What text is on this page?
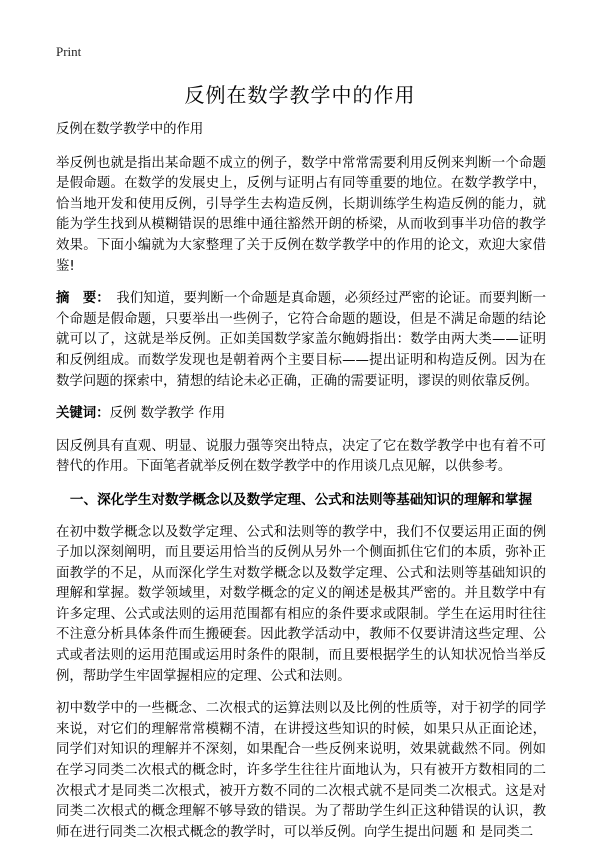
Print
反例在数学教学中的作用

反例在数学教学中的作用

举反例也就是指出某命题不成立的例子，数学中常常需要利用反例来判断一个命题是假命题。在数学的发展史上，反例与证明占有同等重要的地位。在数学教学中，恰当地开发和使用反例，引导学生去构造反例，长期训练学生构造反例的能力，就能为学生找到从模糊错误的思维中通往豁然开朗的桥梁，从而收到事半功倍的教学效果。下面小编就为大家整理了关于反例在数学教学中的作用的论文，欢迎大家借鉴!

摘　要：　我们知道，要判断一个命题是真命题，必须经过严密的论证。而要判断一个命题是假命题，只要举出一些例子，它符合命题的题设，但是不满足命题的结论就可以了，这就是举反例。正如美国数学家盖尔鲍姆指出：数学由两大类——证明和反例组成。而数学发现也是朝着两个主要目标——提出证明和构造反例。因为在数学问题的探索中，猜想的结论未必正确，正确的需要证明，谬误的则依靠反例。

关键词：反例 数学教学 作用

因反例具有直观、明显、说服力强等突出特点，决定了它在数学教学中也有着不可替代的作用。下面笔者就举反例在数学教学中的作用谈几点见解，以供参考。

一、深化学生对数学概念以及数学定理、公式和法则等基础知识的理解和掌握

在初中数学概念以及数学定理、公式和法则等的教学中，我们不仅要运用正面的例子加以深刻阐明，而且要运用恰当的反例从另外一个侧面抓住它们的本质，弥补正面教学的不足，从而深化学生对数学概念以及数学定理、公式和法则等基础知识的理解和掌握。数学领域里，对数学概念的定义的阐述是极其严密的。并且数学中有许多定理、公式或法则的运用范围都有相应的条件要求或限制。学生在运用时往往不注意分析具体条件而生搬硬套。因此教学活动中，教师不仅要讲清这些定理、公式或者法则的运用范围或运用时条件的限制，而且要根据学生的认知状况恰当举反例，帮助学生牢固掌握相应的定理、公式和法则。

初中数学中的一些概念、二次根式的运算法则以及比例的性质等，对于初学的同学来说，对它们的理解常常模糊不清，在讲授这些知识的时候，如果只从正面论述，同学们对知识的理解并不深刻，如果配合一些反例来说明，效果就截然不同。例如在学习同类二次根式的概念时，许多学生往往片面地认为，只有被开方数相同的二次根式才是同类二次根式，被开方数不同的二次根式就不是同类二次根式。这是对同类二次根式的概念理解不够导致的错误。为了帮助学生纠正这种错误的认识，教师在进行同类二次根式概念的教学时，可以举反例。向学生提出问题 和 是同类二
